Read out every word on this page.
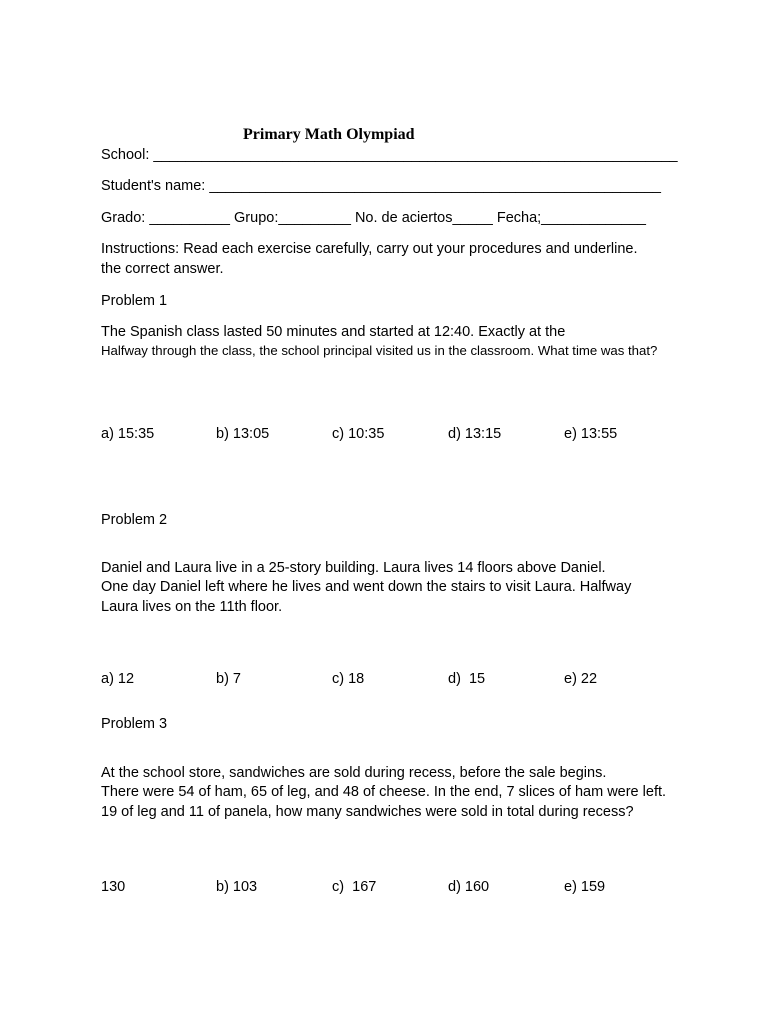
Primary Math Olympiad
School: _________________________________________________________________
Student's name: ________________________________________________________
Grado: __________ Grupo:_________ No. de aciertos_____ Fecha;_____________
Instructions: Read each exercise carefully, carry out your procedures and underline.
the correct answer.
Problem 1
The Spanish class lasted 50 minutes and started at 12:40. Exactly at the
Halfway through the class, the school principal visited us in the classroom. What time was that?
a) 15:35	b) 13:05	c) 10:35	d) 13:15	e) 13:55
Problem 2
Daniel and Laura live in a 25-story building. Laura lives 14 floors above Daniel.
One day Daniel left where he lives and went down the stairs to visit Laura. Halfway
Laura lives on the 11th floor.
a) 12	b) 7	c) 18	d)  15	e) 22
Problem 3
At the school store, sandwiches are sold during recess, before the sale begins.
There were 54 of ham, 65 of leg, and 48 of cheese. In the end, 7 slices of ham were left.
19 of leg and 11 of panela, how many sandwiches were sold in total during recess?
130	b) 103	c)  167	d) 160	e) 159
